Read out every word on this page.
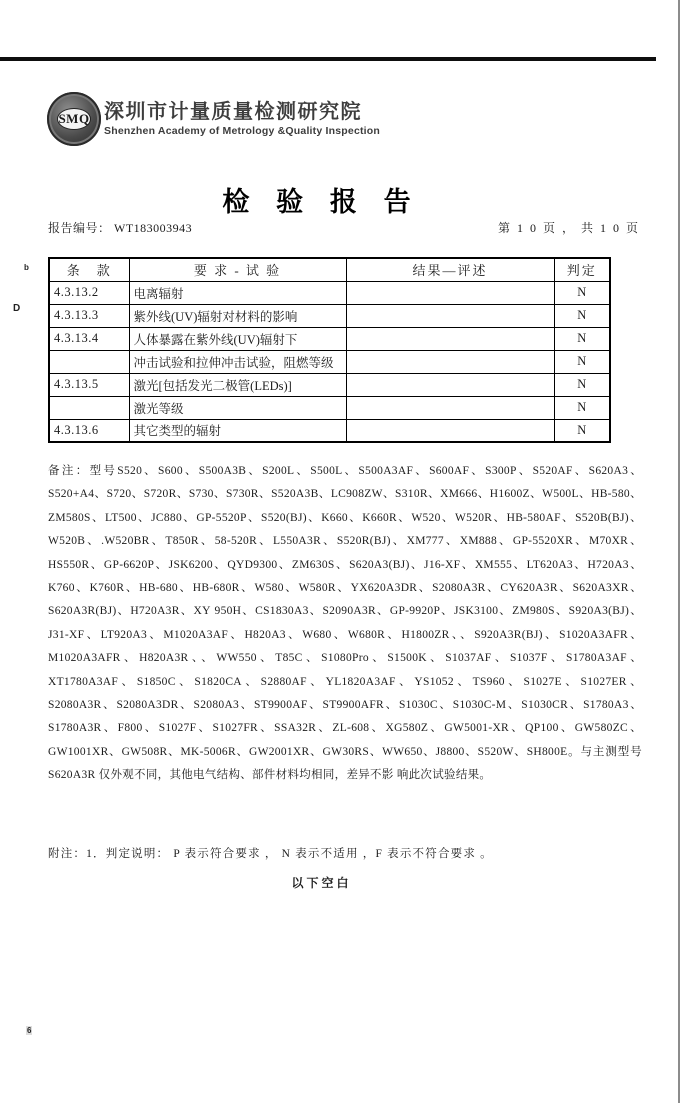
SMQ 深圳市计量质量检测研究院
Shenzhen Academy of Metrology &Quality Inspection
检 验 报 告
报告编号： WT183003943	第 1 0 页 ， 共 1 0 页
条　款	要 求 - 试 验	结果—评述	判定
4.3.13.2	电离辐射		N
4.3.13.3	紫外线(UV)辐射对材料的影响		N
4.3.13.4	人体暴露在紫外线(UV)辐射下		N
	冲击试验和拉伸冲击试验，阻燃等级		N
4.3.13.5	激光[包括发光二极管(LEDs)]		N
	激光等级		N
4.3.13.6	其它类型的辐射		N
备注：型号S520、S600、S500A3B、S200L、S500L、S500A3AF、S600AF、S300P、S520AF、S620A3、S520+A4、S720、S720R、S730、S730R、S520A3B、LC908ZW、S310R、XM666、H1600Z、W500L、HB-580、ZM580S、LT500、JC880、GP-5520P、S520(BJ)、K660、K660R、W520、W520R、HB-580AF、S520B(BJ)、W520B、.W520BR、T850R、58-520R、L550A3R、S520R(BJ)、XM777、XM888、GP-5520XR、M70XR、HS550R、GP-6620P、JSK6200、QYD9300、ZM630S、S620A3(BJ)、J16-XF、XM555、LT620A3、H720A3、K760、K760R、HB-680、HB-680R、W580、W580R、YX620A3DR、S2080A3R、CY620A3R、S620A3XR、S620A3R(BJ)、H720A3R、XY 950H、CS1830A3、S2090A3R、GP-9920P、JSK3100、ZM980S、S920A3(BJ)、J31-XF、LT920A3、M1020A3AF、H820A3、W680、W680R、H1800ZR、、S920A3R(BJ)、S1020A3AFR、M1020A3AFR、H820A3R、、WW550、T85C、S1080Pro、S1500K、S1037AF、S1037F、S1780A3AF、XT1780A3AF、S1850C、S1820CA、S2880AF、YL1820A3AF、YS1052、TS960、S1027E、S1027ER、S2080A3R、S2080A3DR、S2080A3、ST9900AF、ST9900AFR、S1030C、S1030C-M、S1030CR、S1780A3、S1780A3R、F800、S1027F、S1027FR、SSA32R、ZL-608、XG580Z、GW5001-XR、QP100、GW580ZC、GW1001XR、GW508R、MK-5006R、GW2001XR、GW30RS、WW650、J8800、S520W、SH800E。与主测型号S620A3R 仅外观不同，其他电气结构、部件材料均相同，差异不影 响此次试验结果。
附注：1．判定说明： P 表示符合要求 ， N 表示不适用 ，F 表示不符合要求 。
以下空白
b
D
6
